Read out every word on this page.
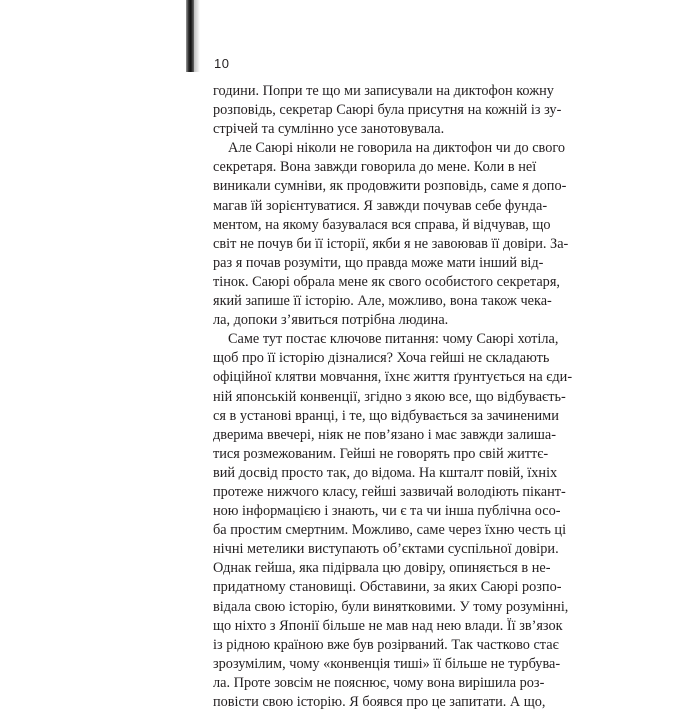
10
години. Попри те що ми записували на диктофон кожну
розповідь, секретар Саюрі була присутня на кожній із зу-
стрічей та сумлінно усе занотовувала.
Але Саюрі ніколи не говорила на диктофон чи до свого
секретаря. Вона завжди говорила до мене. Коли в неї
виникали сумніви, як продовжити розповідь, саме я допо-
магав їй зорієнтуватися. Я завжди почував себе фунда-
ментом, на якому базувалася вся справа, й відчував, що
світ не почув би її історії, якби я не завоював її довіри. За-
раз я почав розуміти, що правда може мати інший від-
тінок. Саюрі обрала мене як свого особистого секретаря,
який запише її історію. Але, можливо, вона також чека-
ла, допоки з’явиться потрібна людина.
Саме тут постає ключове питання: чому Саюрі хотіла,
щоб про її історію дізналися? Хоча гейші не складають
офіційної клятви мовчання, їхнє життя ґрунтується на єди-
ній японській конвенції, згідно з якою все, що відбуваєть-
ся в установі вранці, і те, що відбувається за зачиненими
дверима ввечері, ніяк не пов’язано і має завжди залиша-
тися розмежованим. Гейші не говорять про свій життє-
вий досвід просто так, до відома. На кшталт повій, їхніх
протеже нижчого класу, гейші зазвичай володіють пікант-
ною інформацією і знають, чи є та чи інша публічна осо-
ба простим смертним. Можливо, саме через їхню честь ці
нічні метелики виступають об’єктами суспільної довіри.
Однак гейша, яка підірвала цю довіру, опиняється в не-
придатному становищі. Обставини, за яких Саюрі розпо-
відала свою історію, були винятковими. У тому розумінні,
що ніхто з Японії більше не мав над нею влади. Її зв’язок
із рідною країною вже був розірваний. Так частково стає
зрозумілим, чому «конвенція тиші» її більше не турбува-
ла. Проте зовсім не пояснює, чому вона вирішила роз-
повісти свою історію. Я боявся про це запитати. А що,
